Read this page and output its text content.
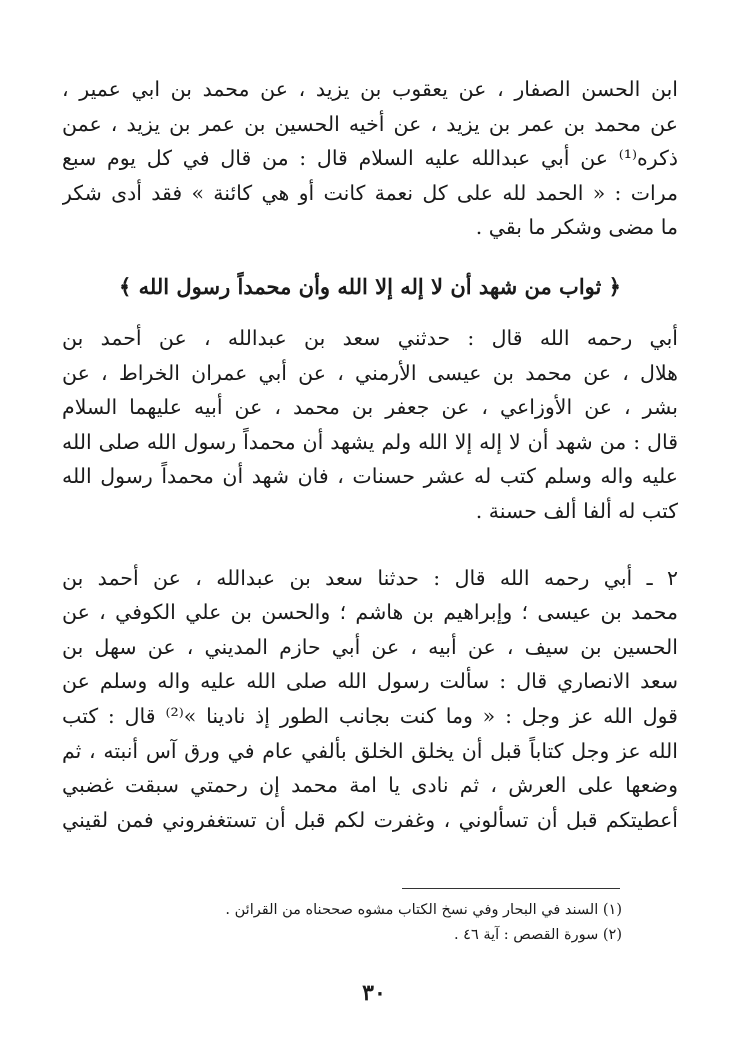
ابن الحسن الصفار ، عن يعقوب بن يزيد ، عن محمد بن ابي عمير ،
عن محمد بن عمر بن يزيد ، عن أخيه الحسين بن عمر بن يزيد ، عمن
ذكره⁽¹⁾ عن أبي عبدالله عليه السلام قال : من قال في كل يوم سبع
مرات : « الحمد لله على كل نعمة كانت أو هي كائنة » فقد أدى شكر
ما مضى وشكر ما بقي .
﴿ ثواب من شهد أن لا إله إلا الله وأن محمداً رسول الله ﴾
أبي رحمه الله قال : حدثني سعد بن عبدالله ، عن أحمد بن
هلال ، عن محمد بن عيسى الأرمني ، عن أبي عمران الخراط ، عن
بشر ، عن الأوزاعي ، عن جعفر بن محمد ، عن أبيه عليهما السلام
قال : من شهد أن لا إله إلا الله ولم يشهد أن محمداً رسول الله صلى الله
عليه واله وسلم كتب له عشر حسنات ، فان شهد أن محمداً رسول الله
كتب له ألفا ألف حسنة .
٢ ـ أبي رحمه الله قال : حدثنا سعد بن عبدالله ، عن أحمد بن
محمد بن عيسى ؛ وإبراهيم بن هاشم ؛ والحسن بن علي الكوفي ، عن
الحسين بن سيف ، عن أبيه ، عن أبي حازم المديني ، عن سهل بن
سعد الانصاري قال : سألت رسول الله صلى الله عليه واله وسلم عن
قول الله عز وجل : « وما كنت بجانب الطور إذ نادينا »⁽²⁾ قال : كتب
الله عز وجل كتاباً قبل أن يخلق الخلق بألفي عام في ورق آس أنبته ، ثم
وضعها على العرش ، ثم نادى يا امة محمد إن رحمتي سبقت غضبي
أعطيتكم قبل أن تسألوني ، وغفرت لكم قبل أن تستغفروني فمن لقيني
(١) السند في البحار وفي نسخ الكتاب مشوه صححناه من القرائن .
(٢) سورة القصص : آية ٤٦ .
٣٠
